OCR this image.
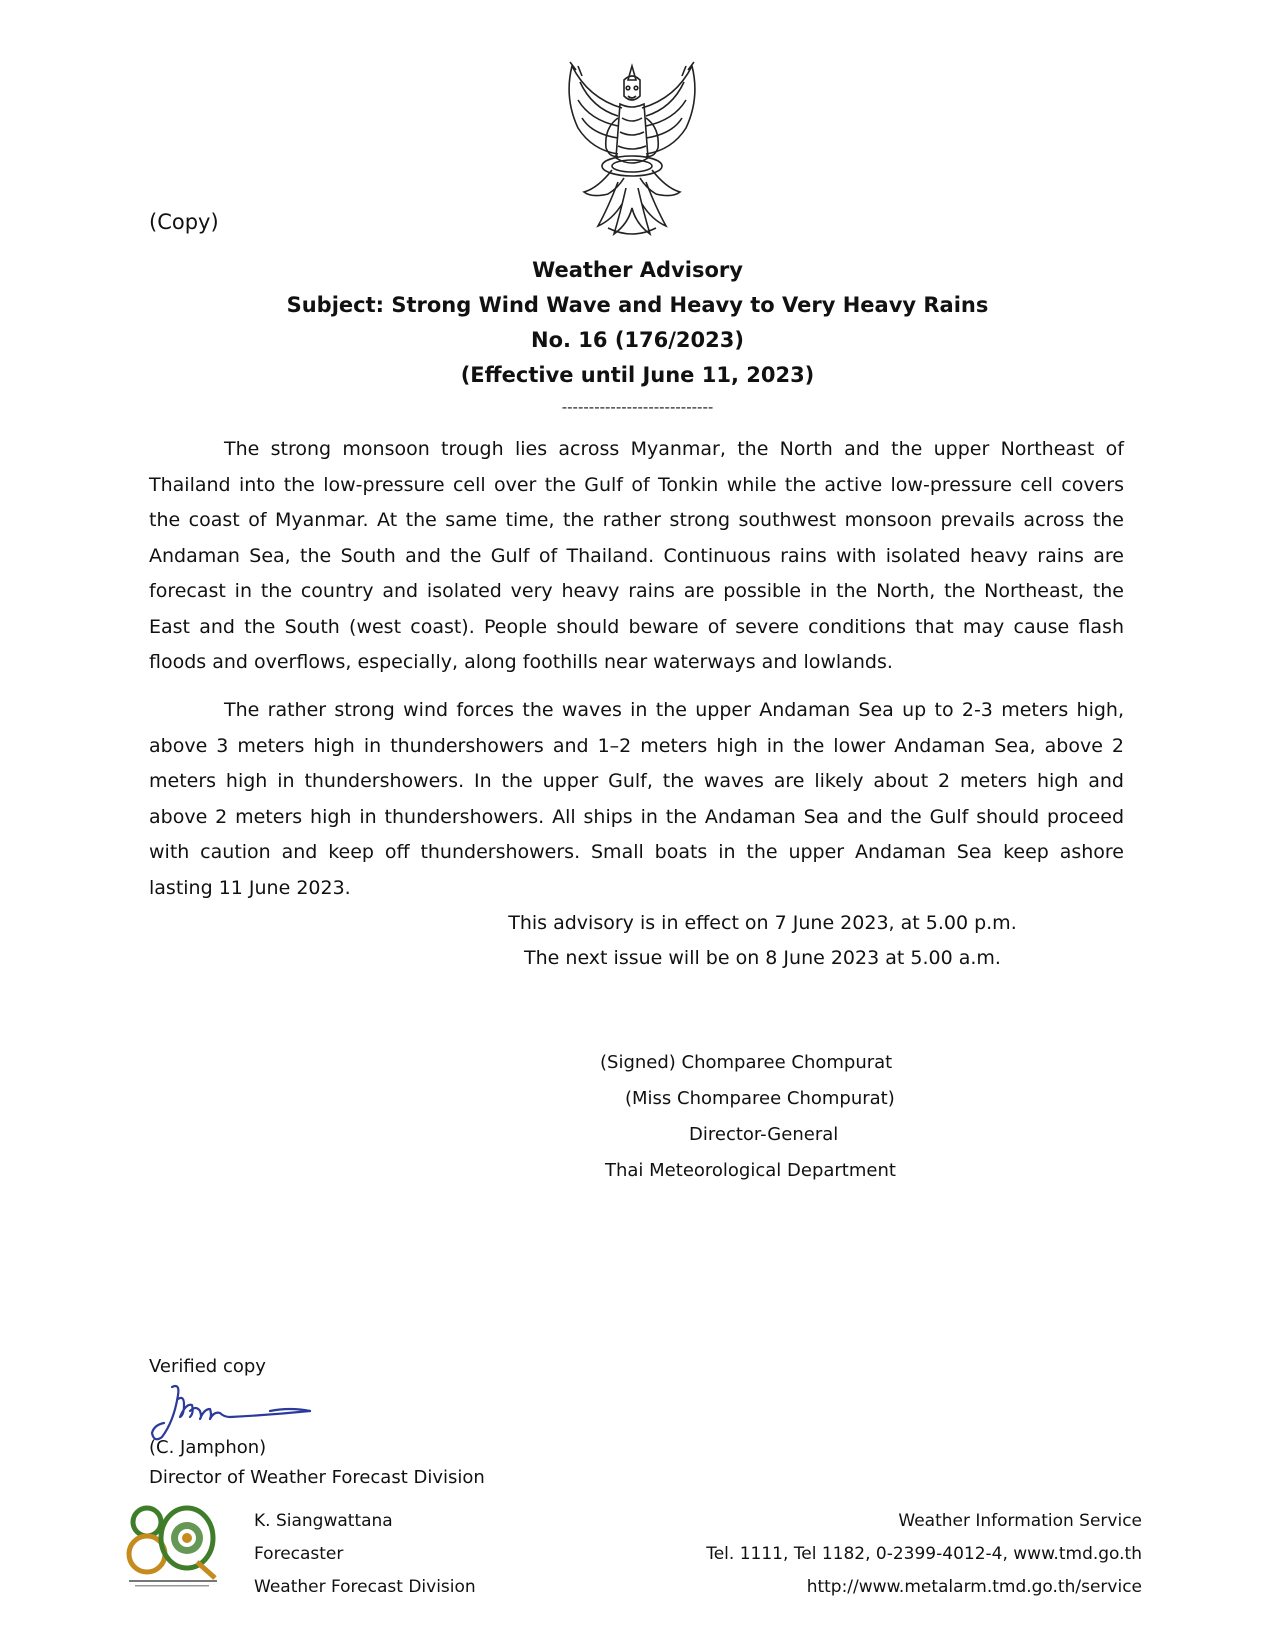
(Copy)
Weather Advisory
Subject: Strong Wind Wave and Heavy to Very Heavy Rains
No. 16 (176/2023)
(Effective until June 11, 2023)
----------------------------
The strong monsoon trough lies across Myanmar, the North and the upper Northeast of Thailand into the low-pressure cell over the Gulf of Tonkin while the active low-pressure cell covers the coast of Myanmar. At the same time, the rather strong southwest monsoon prevails across the Andaman Sea, the South and the Gulf of Thailand. Continuous rains with isolated heavy rains are forecast in the country and isolated very heavy rains are possible in the North, the Northeast, the East and the South (west coast). People should beware of severe conditions that may cause flash floods and overflows, especially, along foothills near waterways and lowlands.
The rather strong wind forces the waves in the upper Andaman Sea up to 2-3 meters high, above 3 meters high in thundershowers and 1–2 meters high in the lower Andaman Sea, above 2 meters high in thundershowers. In the upper Gulf, the waves are likely about 2 meters high and above 2 meters high in thundershowers. All ships in the Andaman Sea and the Gulf should proceed with caution and keep off thundershowers. Small boats in the upper Andaman Sea keep ashore lasting 11 June 2023.
This advisory is in effect on 7 June 2023, at 5.00 p.m.
The next issue will be on 8 June 2023 at 5.00 a.m.
(Signed) Chomparee Chompurat
(Miss Chomparee Chompurat)
Director-General
Thai Meteorological Department
Verified copy
(C. Jamphon)
Director of Weather Forecast Division
K. Siangwattana
Forecaster
Weather Forecast Division
Weather Information Service
Tel. 1111, Tel 1182, 0-2399-4012-4, www.tmd.go.th
http://www.metalarm.tmd.go.th/service
